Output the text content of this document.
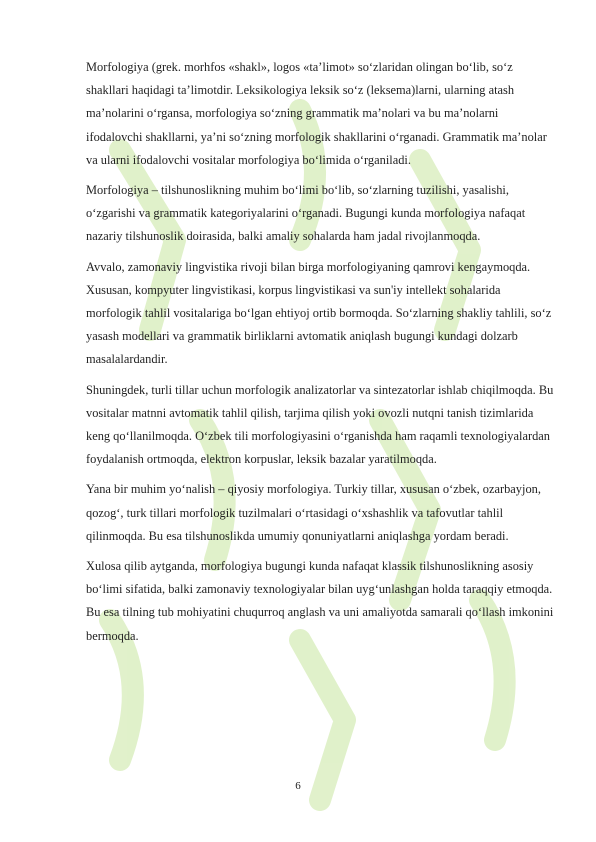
Morfologiya (grek. morhfos «shakl», logos «ta’limot» so‘zlaridan olingan bo‘lib, so‘z shakllari haqidagi ta’limotdir. Leksikologiya leksik so‘z (leksema)larni, ularning atash ma’nolarini o‘rgansa, morfologiya so‘zning grammatik ma’nolari va bu ma’nolarni ifodalovchi shakllarni, ya’ni so‘zning morfologik shakllarini o‘rganadi. Grammatik ma’nolar va ularni ifodalovchi vositalar morfologiya bo‘limida o‘rganiladi.

Morfologiya – tilshunoslikning muhim bo‘limi bo‘lib, so‘zlarning tuzilishi, yasalishi, o‘zgarishi va grammatik kategoriyalarini o‘rganadi. Bugungi kunda morfologiya nafaqat nazariy tilshunoslik doirasida, balki amaliy sohalarda ham jadal rivojlanmoqda.

Avvalo, zamonaviy lingvistika rivoji bilan birga morfologiyaning qamrovi kengaymoqda. Xususan, kompyuter lingvistikasi, korpus lingvistikasi va sun'iy intellekt sohalarida morfologik tahlil vositalariga bo‘lgan ehtiyoj ortib bormoqda. So‘zlarning shakliy tahlili, so‘z yasash modellari va grammatik birliklarni avtomatik aniqlash bugungi kundagi dolzarb masalalardandir.

Shuningdek, turli tillar uchun morfologik analizatorlar va sintezatorlar ishlab chiqilmoqda. Bu vositalar matnni avtomatik tahlil qilish, tarjima qilish yoki ovozli nutqni tanish tizimlarida keng qo‘llanilmoqda. O‘zbek tili morfologiyasini o‘rganishda ham raqamli texnologiyalardan foydalanish ortmoqda, elektron korpuslar, leksik bazalar yaratilmoqda.

Yana bir muhim yo‘nalish – qiyosiy morfologiya. Turkiy tillar, xususan o‘zbek, ozarbayjon, qozog‘, turk tillari morfologik tuzilmalari o‘rtasidagi o‘xshashlik va tafovutlar tahlil qilinmoqda. Bu esa tilshunoslikda umumiy qonuniyatlarni aniqlashga yordam beradi.

Xulosa qilib aytganda, morfologiya bugungi kunda nafaqat klassik tilshunoslikning asosiy bo‘limi sifatida, balki zamonaviy texnologiyalar bilan uyg‘unlashgan holda taraqqiy etmoqda. Bu esa tilning tub mohiyatini chuqurroq anglash va uni amaliyotda samarali qo‘llash imkonini bermoqda.

6
